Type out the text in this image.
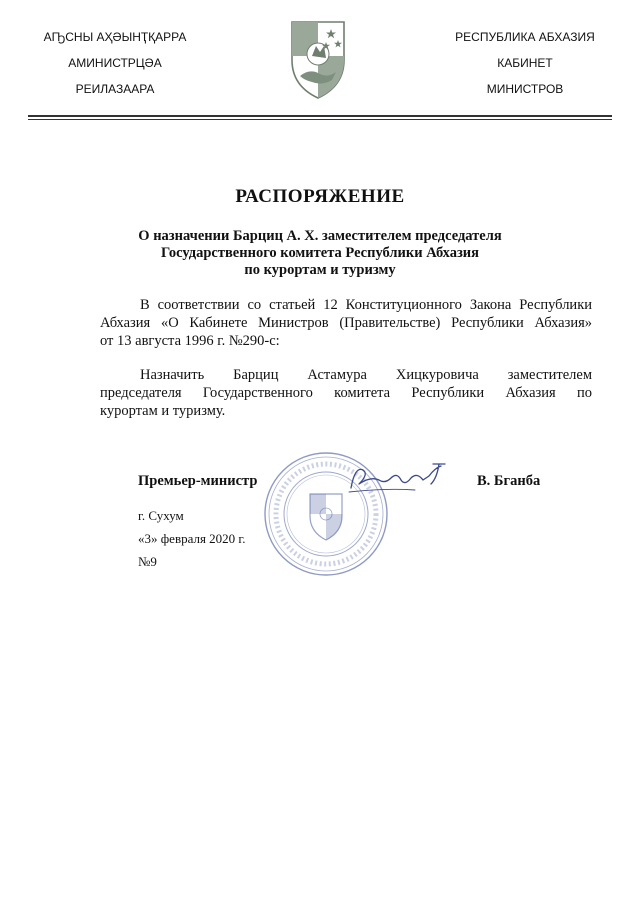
АҦСНЫ АҲӘЫНҬҚАРРА
АМИНИСТРЦӘА
РЕИЛАЗААРА
РЕСПУБЛИКА АБХАЗИЯ
КАБИНЕТ
МИНИСТРОВ
РАСПОРЯЖЕНИЕ
О назначении Барциц А. Х. заместителем председателя
Государственного комитета Республики Абхазия
по курортам и туризму
В соответствии со статьей 12 Конституционного Закона Республики
Абхазия «О Кабинете Министров (Правительстве) Республики Абхазия»
от 13 августа 1996 г. №290-с:
Назначить Барциц Астамура Хицкуровича заместителем
председателя Государственного комитета Республики Абхазия по
курортам и туризму.
Премьер-министр	В. Бганба
г. Сухум
«3» февраля 2020 г.
№9
